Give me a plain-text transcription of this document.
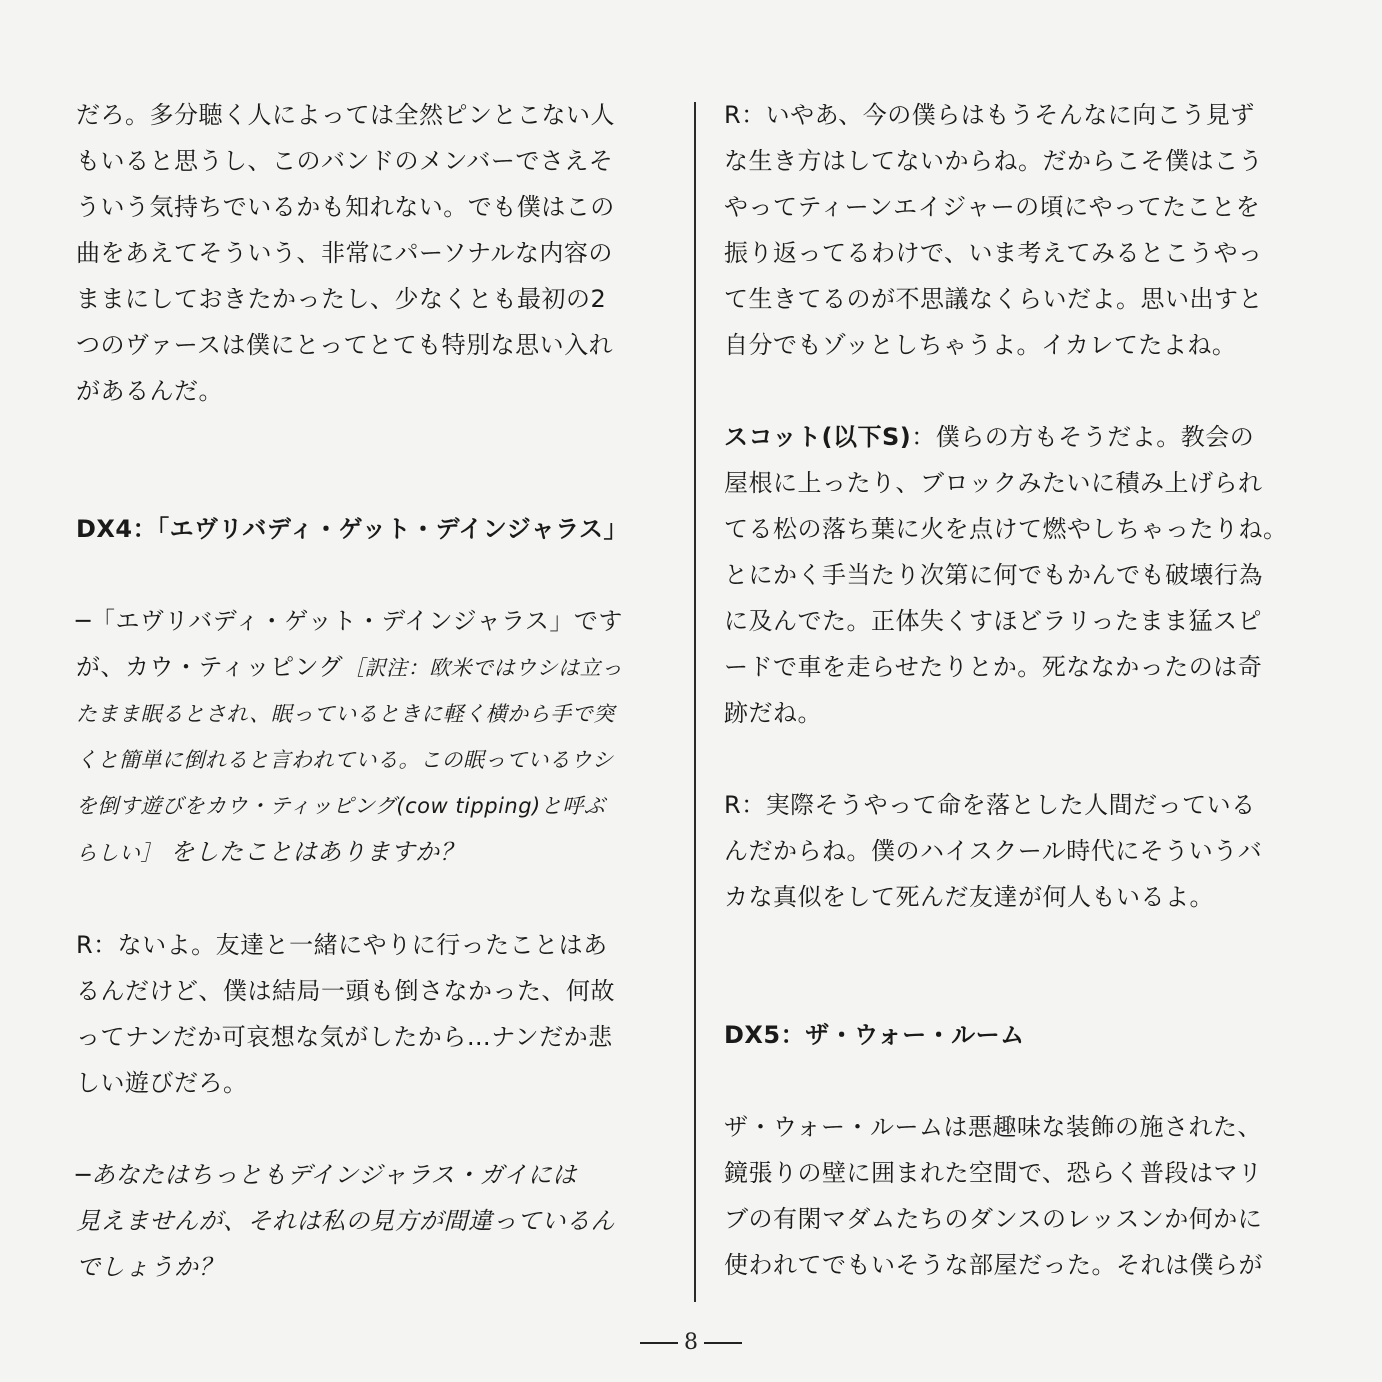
だろ。多分聴く人によっては全然ピンとこない人

もいると思うし、このバンドのメンバーでさえそ

ういう気持ちでいるかも知れない。でも僕はこの

曲をあえてそういう、非常にパーソナルな内容の

ままにしておきたかったし、少なくとも最初の2

つのヴァースは僕にとってとても特別な思い入れ

があるんだ。

DX4：「エヴリバディ・ゲット・デインジャラス」

─「エヴリバディ・ゲット・デインジャラス」です

が、カウ・ティッピング［訳注：欧米ではウシは立っ

たまま眠るとされ、眠っているときに軽く横から手で突

くと簡単に倒れると言われている。この眠っているウシ

を倒す遊びをカウ・ティッピング(cow tipping)と呼ぶ

らしい］ をしたことはありますか？

R：ないよ。友達と一緒にやりに行ったことはあ

るんだけど、僕は結局一頭も倒さなかった、何故

ってナンだか可哀想な気がしたから…ナンだか悲

しい遊びだろ。

─あなたはちっともデインジャラス・ガイには

見えませんが、それは私の見方が間違っているん

でしょうか？

R：いやあ、今の僕らはもうそんなに向こう見ず

な生き方はしてないからね。だからこそ僕はこう

やってティーンエイジャーの頃にやってたことを

振り返ってるわけで、いま考えてみるとこうやっ

て生きてるのが不思議なくらいだよ。思い出すと

自分でもゾッとしちゃうよ。イカレてたよね。

スコット(以下S)：僕らの方もそうだよ。教会の

屋根に上ったり、ブロックみたいに積み上げられ

てる松の落ち葉に火を点けて燃やしちゃったりね。

とにかく手当たり次第に何でもかんでも破壊行為

に及んでた。正体失くすほどラリったまま猛スピ

ードで車を走らせたりとか。死ななかったのは奇

跡だね。

R：実際そうやって命を落とした人間だっている

んだからね。僕のハイスクール時代にそういうバ

カな真似をして死んだ友達が何人もいるよ。

DX5：ザ・ウォー・ルーム

ザ・ウォー・ルームは悪趣味な装飾の施された、

鏡張りの壁に囲まれた空間で、恐らく普段はマリ

ブの有閑マダムたちのダンスのレッスンか何かに

使われてでもいそうな部屋だった。それは僕らが

8
